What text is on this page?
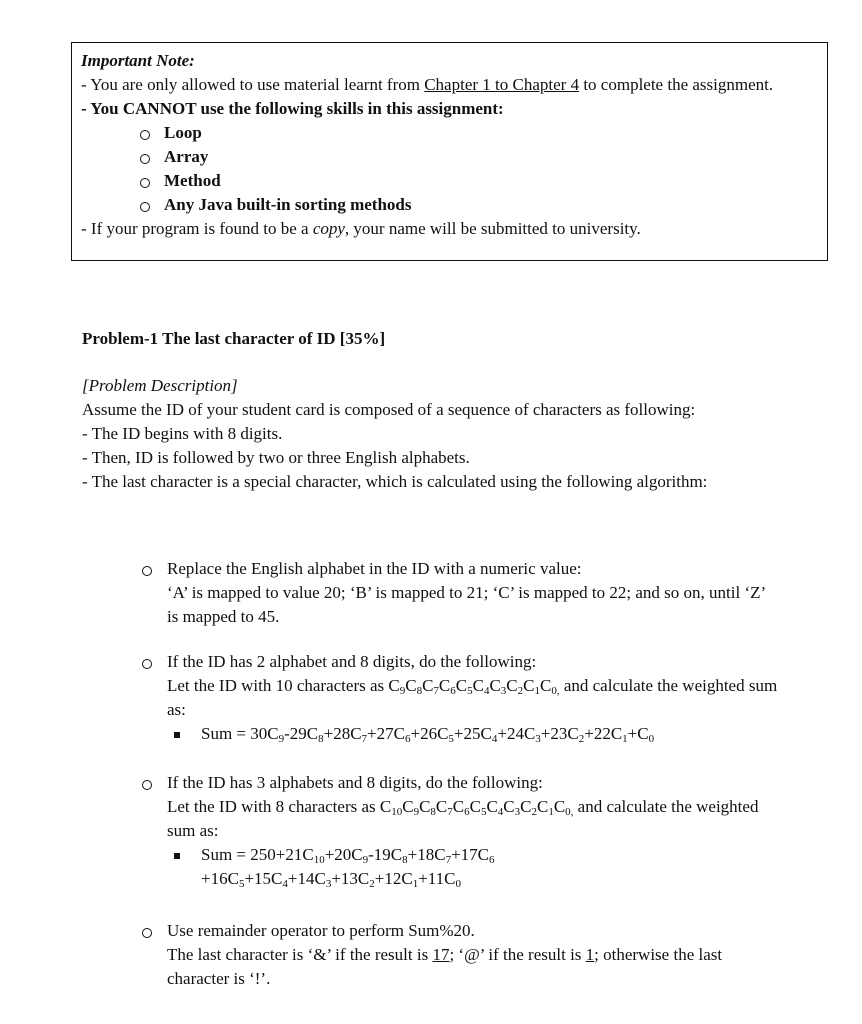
Important Note:
- You are only allowed to use material learnt from Chapter 1 to Chapter 4 to complete the assignment.
- You CANNOT use the following skills in this assignment:
Loop
Array
Method
Any Java built-in sorting methods
- If your program is found to be a copy, your name will be submitted to university.
Problem-1 The last character of ID [35%]
[Problem Description]
Assume the ID of your student card is composed of a sequence of characters as following:
- The ID begins with 8 digits.
- Then, ID is followed by two or three English alphabets.
- The last character is a special character, which is calculated using the following algorithm:
Replace the English alphabet in the ID with a numeric value:
‘A’ is mapped to value 20; ‘B’ is mapped to 21; ‘C’ is mapped to 22; and so on, until ‘Z’ is mapped to 45.
If the ID has 2 alphabet and 8 digits, do the following:
Let the ID with 10 characters as $C_9C_8C_7C_6C_5C_4C_3C_2C_1C_{0,}$ and calculate the weighted sum as:
Sum = $30C_9-29C_8+28C_7+27C_6+26C_5+25C_4+24C_3+23C_2+22C_1+C_0$
If the ID has 3 alphabets and 8 digits, do the following:
Let the ID with 8 characters as $C_{10}C_9C_8C_7C_6C_5C_4C_3C_2C_1C_{0,}$ and calculate the weighted sum as:
Sum = $250+21C_{10}+20C_9-19C_8+18C_7+17C_6$
$+16C_5+15C_4+14C_3+13C_2+12C_1+11C_0$
Use remainder operator to perform Sum%20.
The last character is ‘&’ if the result is 17; ‘@’ if the result is 1; otherwise the last character is ‘!’.
